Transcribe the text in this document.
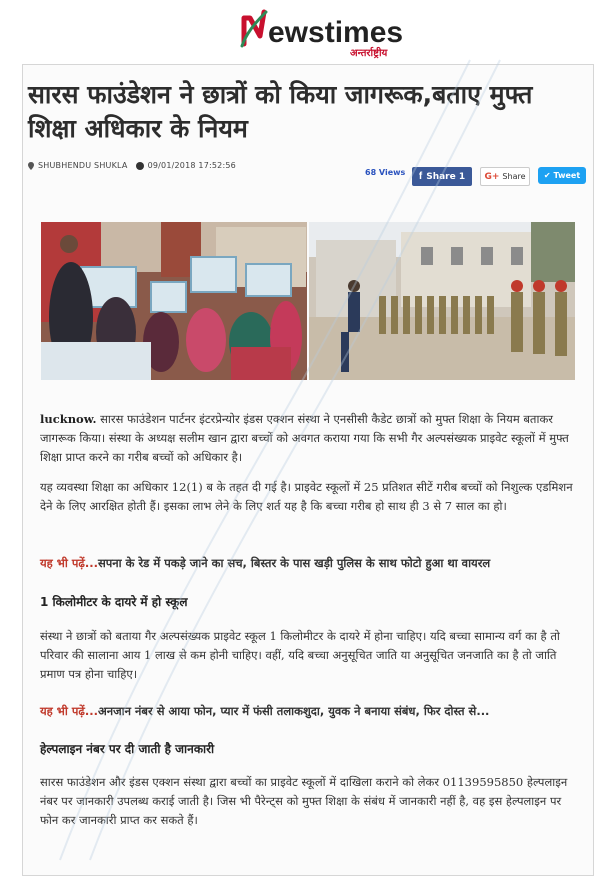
ewstimes
अन्तर्राष्ट्रीय
सारस फाउंडेशन ने छात्रों को किया जागरूक,बताए मुफ्त शिक्षा अधिकार के नियम
SHUBHENDU SHUKLA	09/01/2018 17:52:56
68 Views f Share 1 G+ Share ✔ Tweet

lucknow. सारस फाउंडेशन पार्टनर इंटरप्रेन्योर इंडस एक्शन संस्था ने एनसीसी कैडेट छात्रों को मुफ्त शिक्षा के नियम बताकर जागरूक किया। संस्था के अध्यक्ष सलीम खान द्वारा बच्चों को अवगत कराया गया कि सभी गैर अल्पसंख्यक प्राइवेट स्कूलों में मुफ्त शिक्षा प्राप्त करने का गरीब बच्चों को अधिकार है।

यह व्यवस्था शिक्षा का अधिकार 12(1) ब के तहत दी गई है। प्राइवेट स्कूलों में 25 प्रतिशत सीटें गरीब बच्चों को निशुल्क एडमिशन देने के लिए आरक्षित होती हैं। इसका लाभ लेने के लिए शर्त यह है कि बच्चा गरीब हो साथ ही 3 से 7 साल का हो।

यह भी पढ़ें...सपना के रेड में पकड़े जाने का सच, बिस्तर के पास खड़ी पुलिस के साथ फोटो हुआ था वायरल

1 किलोमीटर के दायरे में हो स्कूल

संस्था ने छात्रों को बताया गैर अल्पसंख्यक प्राइवेट स्कूल 1 किलोमीटर के दायरे में होना चाहिए। यदि बच्चा सामान्य वर्ग का है तो परिवार की सालाना आय 1 लाख से कम होनी चाहिए। वहीं, यदि बच्चा अनुसूचित जाति या अनुसूचित जनजाति का है तो जाति प्रमाण पत्र होना चाहिए।

यह भी पढ़ें...अनजान नंबर से आया फोन, प्यार में फंसी तलाकशुदा, युवक ने बनाया संबंध, फिर दोस्त से...

हेल्पलाइन नंबर पर दी जाती है जानकारी

सारस फाउंडेशन और इंडस एक्शन संस्था द्वारा बच्चों का प्राइवेट स्कूलों में दाखिला कराने को लेकर 01139595850 हेल्पलाइन नंबर पर जानकारी उपलब्ध कराई जाती है। जिस भी पैरेन्ट्स को मुफ्त शिक्षा के संबंध में जानकारी नहीं है, वह इस हेल्पलाइन पर फोन कर जानकारी प्राप्त कर सकते हैं।
